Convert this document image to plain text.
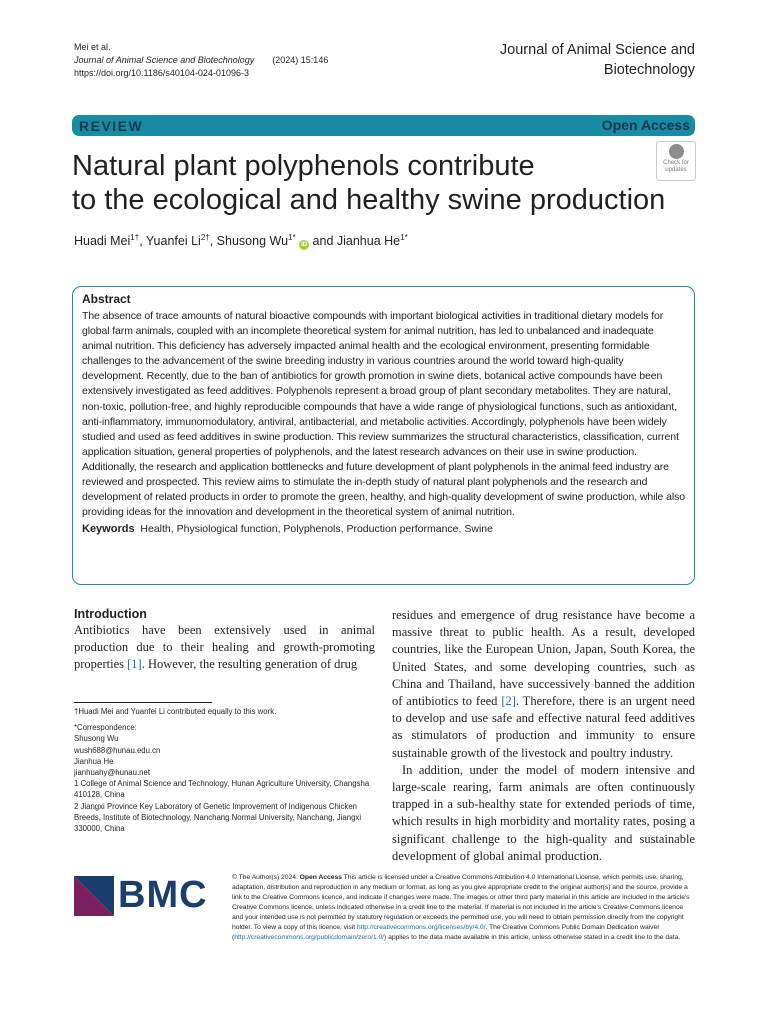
Mei et al.
Journal of Animal Science and Biotechnology (2024) 15:146
https://doi.org/10.1186/s40104-024-01096-3
Journal of Animal Science and
Biotechnology
REVIEW	Open Access
Natural plant polyphenols contribute
to the ecological and healthy swine production
Check for
updates
Huadi Mei$^{1\dagger}$, Yuanfei $Li^{2\dagger}$, Shusong $Wu^{1*}$ iD and Jianhua $He^{1*}$
Abstract

The absence of trace amounts of natural bioactive compounds with important biological activities in traditional dietary models for global farm animals, coupled with an incomplete theoretical system for animal nutrition, has led to unbalanced and inadequate animal nutrition. This deficiency has adversely impacted animal health and the ecological environment, presenting formidable challenges to the advancement of the swine breeding industry in various countries around the world toward high-quality development. Recently, due to the ban of antibiotics for growth promotion in swine diets, botanical active compounds have been extensively investigated as feed additives. Polyphenols represent a broad group of plant secondary metabolites. They are natural, non-toxic, pollution-free, and highly reproducible compounds that have a wide range of physiological functions, such as antioxidant, anti-inflammatory, immunomodulatory, antiviral, antibacterial, and metabolic activities. Accordingly, polyphenols have been widely studied and used as feed additives in swine production. This review summarizes the structural characteristics, classification, current application situation, general properties of polyphenols, and the latest research advances on their use in swine production. Additionally, the research and application bottlenecks and future development of plant polyphenols in the animal feed industry are reviewed and prospected. This review aims to stimulate the in-depth study of natural plant polyphenols and the research and development of related products in order to promote the green, healthy, and high-quality development of swine production, while also providing ideas for the innovation and development in the theoretical system of animal nutrition.

Keywords Health, Physiological function, Polyphenols, Production performance, Swine
Introduction

Antibiotics have been extensively used in animal production due to their healing and growth-promoting properties [1]. However, the resulting generation of drug

residues and emergence of drug resistance have become a massive threat to public health. As a result, developed countries, like the European Union, Japan, South Korea, the United States, and some developing countries, such as China and Thailand, have successively banned the addition of antibiotics to feed [2]. Therefore, there is an urgent need to develop and use safe and effective natural feed additives as stimulators of production and immunity to ensure sustainable growth of the livestock and poultry industry.

In addition, under the model of modern intensive and large-scale rearing, farm animals are often continuously trapped in a sub-healthy state for extended periods of time, which results in high morbidity and mortality rates, posing a significant challenge to the high-quality and sustainable development of global animal production.

†Huadi Mei and Yuanfei Li contributed equally to this work.
*Correspondence:
Shusong Wu
wush688@hunau.edu.cn
Jianhua He
jianhuahy@hunau.net
1 College of Animal Science and Technology, Hunan Agriculture University, Changsha 410128, China
2 Jiangxi Province Key Laboratory of Genetic Improvement of Indigenous Chicken Breeds, Institute of Biotechnology, Nanchang Normal University, Nanchang, Jiangxi 330000, China
BMC	© The Author(s) 2024. Open Access This article is licensed under a Creative Commons Attribution 4.0 International License, which permits use, sharing, adaptation, distribution and reproduction in any medium or format, as long as you give appropriate credit to the original author(s) and the source, provide a link to the Creative Commons licence, and indicate if changes were made. The images or other third party material in this article are included in the article's Creative Commons licence, unless indicated otherwise in a credit line to the material. If material is not included in the article's Creative Commons licence and your intended use is not permitted by statutory regulation or exceeds the permitted use, you will need to obtain permission directly from the copyright holder. To view a copy of this licence, visit http://creativecommons.org/licenses/by/4.0/. The Creative Commons Public Domain Dedication waiver (http://creativecommons.org/publicdomain/zero/1.0/) applies to the data made available in this article, unless otherwise stated in a credit line to the data.
